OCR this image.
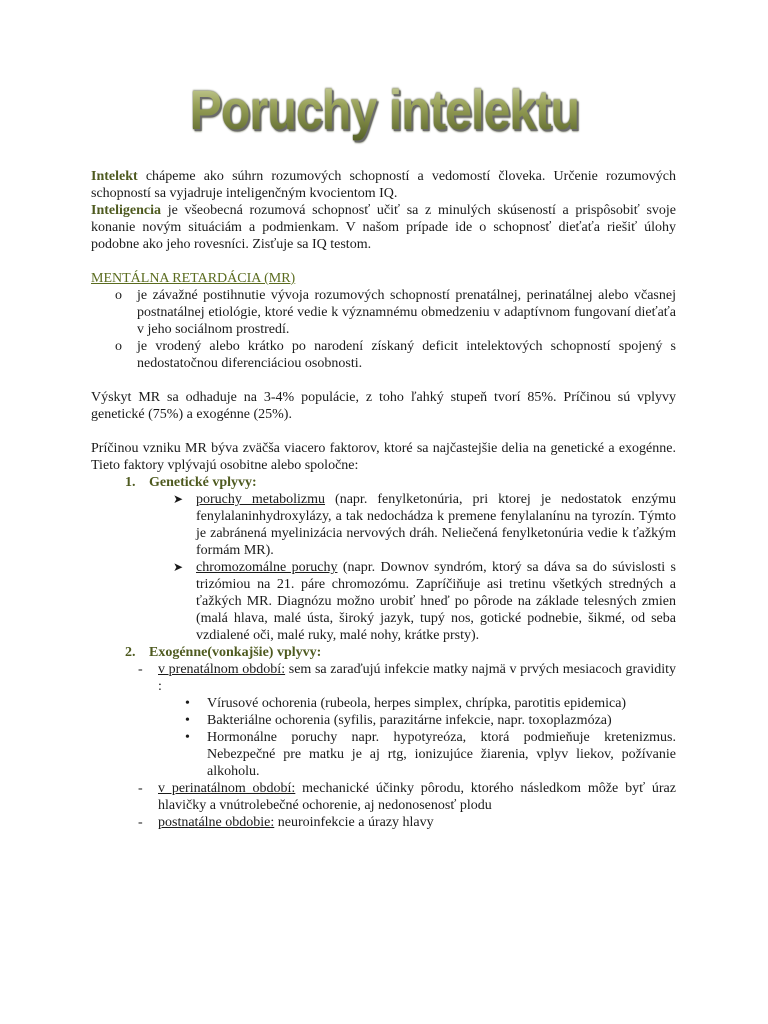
Poruchy intelektu

Intelekt chápeme ako súhrn rozumových schopností a vedomostí človeka. Určenie rozumových schopností sa vyjadruje inteligenčným kvocientom IQ.

Inteligencia je všeobecná rozumová schopnosť učiť sa z minulých skúseností a prispôsobiť svoje konanie novým situáciám a podmienkam. V našom prípade ide o schopnosť dieťaťa riešiť úlohy podobne ako jeho rovesníci. Zisťuje sa IQ testom.

MENTÁLNA RETARDÁCIA (MR)
o je závažné postihnutie vývoja rozumových schopností prenatálnej, perinatálnej alebo včasnej postnatálnej etiológie, ktoré vedie k významnému obmedzeniu v adaptívnom fungovaní dieťaťa v jeho sociálnom prostredí.
o je vrodený alebo krátko po narodení získaný deficit intelektových schopností spojený s nedostatočnou diferenciáciou osobnosti.

Výskyt MR sa odhaduje na 3-4% populácie, z toho ľahký stupeň tvorí 85%. Príčinou sú vplyvy genetické (75%) a exogénne (25%).

Príčinou vzniku MR býva zväčša viacero faktorov, ktoré sa najčastejšie delia na genetické a exogénne. Tieto faktory vplývajú osobitne alebo spoločne:

1. Genetické vplyvy:
➤ poruchy metabolizmu (napr. fenylketonúria, pri ktorej je nedostatok enzýmu fenylalaninhydroxylázy, a tak nedochádza k premene fenylalanínu na tyrozín. Týmto je zabránená myelinizácia nervových dráh. Neliečená fenylketonúria vedie k ťažkým formám MR).
➤ chromozomálne poruchy (napr. Downov syndróm, ktorý sa dáva sa do súvislosti s trizómiou na 21. páre chromozómu. Zapríčiňuje asi tretinu všetkých stredných a ťažkých MR. Diagnózu možno urobiť hneď po pôrode na základe telesných zmien (malá hlava, malé ústa, široký jazyk, tupý nos, gotické podnebie, šikmé, od seba vzdialené oči, malé ruky, malé nohy, krátke prsty).
2. Exogénne(vonkajšie) vplyvy:
- v prenatálnom období: sem sa zaraďujú infekcie matky najmä v prvých mesiacoch gravidity :
• Vírusové ochorenia (rubeola, herpes simplex, chrípka, parotitis epidemica)
• Bakteriálne ochorenia (syfilis, parazitárne infekcie, napr. toxoplazmóza)
• Hormonálne poruchy napr. hypotyreóza, ktorá podmieňuje kretenizmus. Nebezpečné pre matku je aj rtg, ionizujúce žiarenia, vplyv liekov, požívanie alkoholu.
- v perinatálnom období: mechanické účinky pôrodu, ktorého následkom môže byť úraz hlavičky a vnútrolebečné ochorenie, aj nedonosenosť plodu
- postnatálne obdobie: neuroinfekcie a úrazy hlavy
